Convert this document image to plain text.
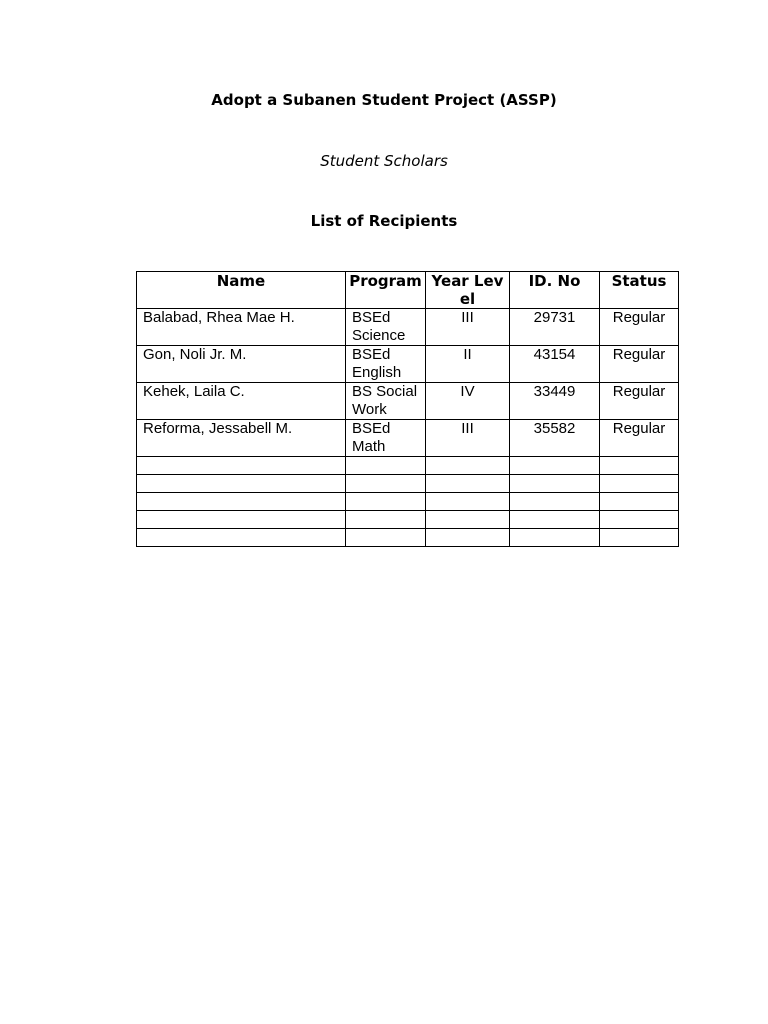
Adopt a Subanen Student Project (ASSP)
Student Scholars
List of Recipients
Name	Program	Year Level	ID. No	Status
Balabad, Rhea Mae H.	BSEd Science	III	29731	Regular
Gon, Noli Jr. M.	BSEd English	II	43154	Regular
Kehek, Laila C.	BS Social Work	IV	33449	Regular
Reforma, Jessabell M.	BSEd Math	III	35582	Regular
